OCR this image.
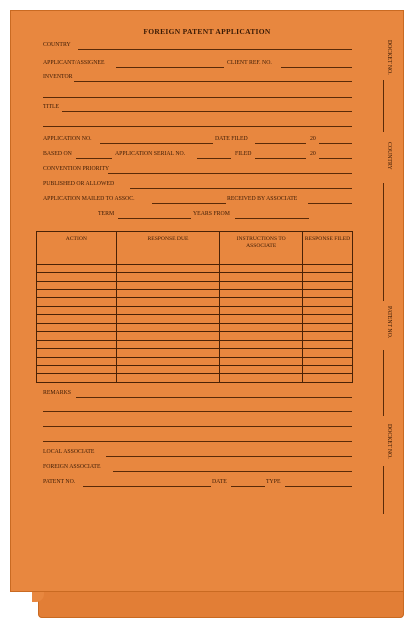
FOREIGN PATENT APPLICATION
COUNTRY
APPLICANT/ASSIGNEE	CLIENT REF. NO.
INVENTOR
TITLE
APPLICATION NO.	DATE FILED	20
BASED ON	APPLICATION SERIAL NO.	FILED	20
CONVENTION PRIORITY
PUBLISHED OR ALLOWED
APPLICATION MAILED TO ASSOC.	RECEIVED BY ASSOCIATE
TERM	YEARS FROM
ACTION	RESPONSE DUE	INSTRUCTIONS TO ASSOCIATE	RESPONSE FILED

REMARKS
LOCAL ASSOCIATE
FOREIGN ASSOCIATE
PATENT NO.	DATE	TYPE
DOCKET NO.
COUNTRY
PATENT NO.
DOCKET NO.
